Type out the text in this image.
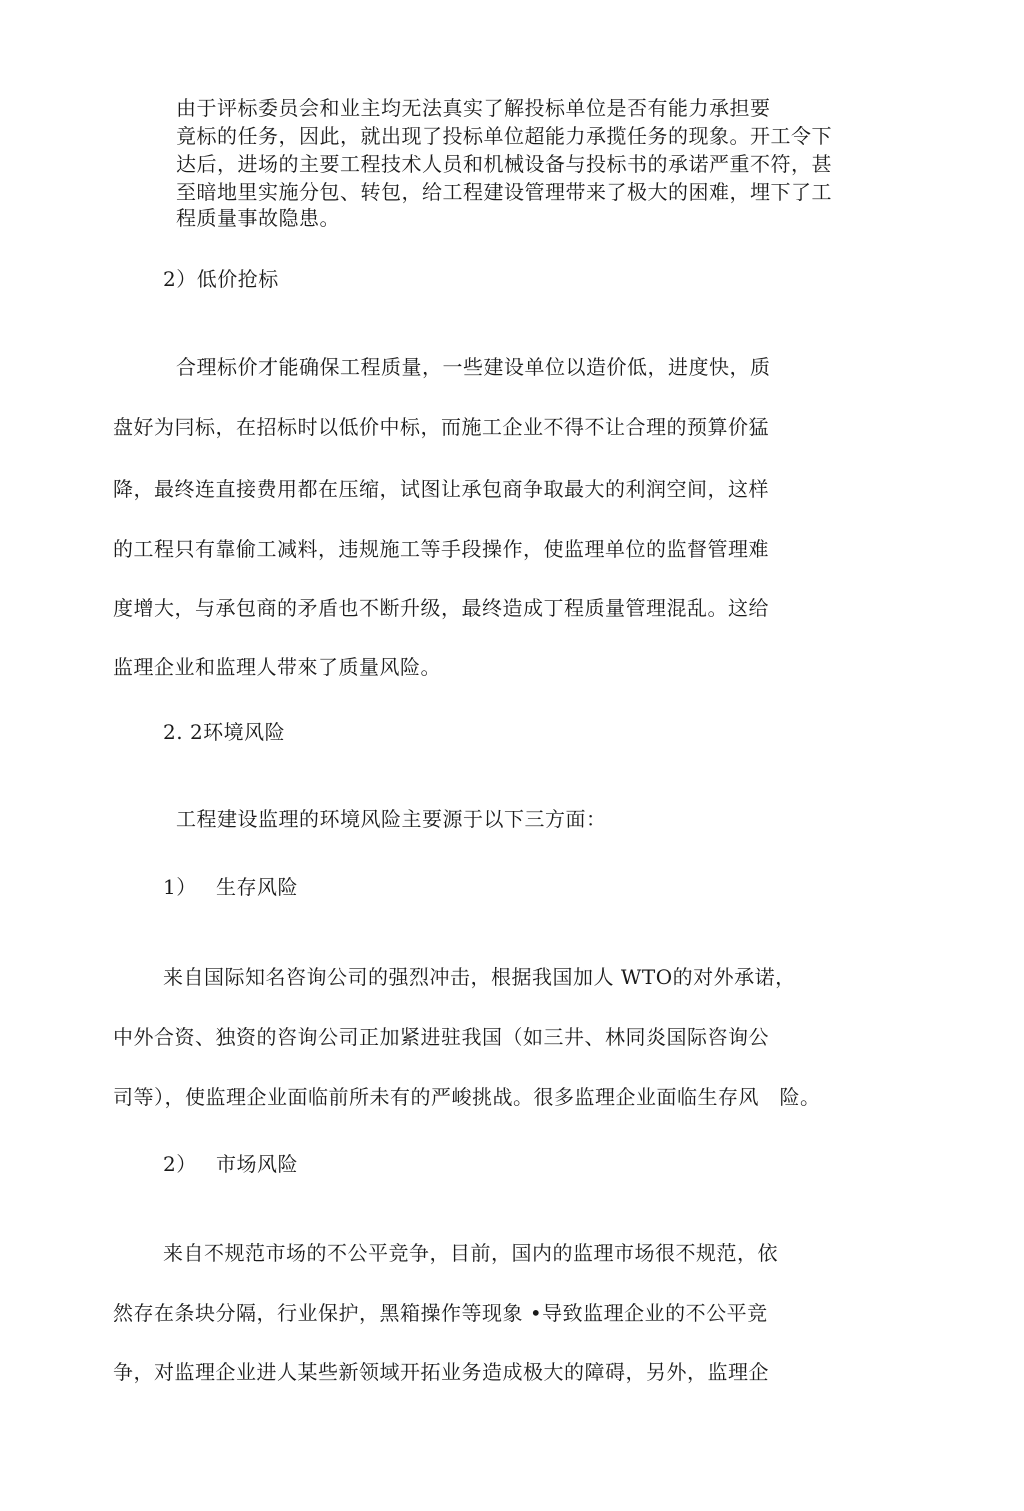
由于评标委员会和业主均无法真实了解投标单位是否有能力承担要
竟标的任务，因此，就出现了投标单位超能力承揽任务的现象。开工令下
达后，进场的主要工程技术人员和机械设备与投标书的承诺严重不符，甚
至暗地里实施分包、转包，给工程建设管理带来了极大的困难，埋下了工
程质量事故隐患。
2）低价抢标
合理标价才能确保工程质量，一些建设单位以造价低，进度快，质
盘好为冃标，在招标时以低价中标，而施工企业不得不让合理的预算价猛
降，最终连直接费用都在压缩，试图让承包商争取最大的利润空间，这样
的工程只有靠偷工减料，违规施工等手段操作，使监理单位的监督管理难
度增大，与承包商的矛盾也不断升级，最终造成丁程质量管理混乱。这给
监理企业和监理人带來了质量风险。
2. 2环境风险
工程建设监理的环境风险主要源于以下三方面：
1） 生存风险
来自国际知名咨询公司的强烈冲击，根据我国加人 WTO的对外承诺，
中外合资、独资的咨询公司正加紧进驻我国（如三井、林同炎国际咨询公
司等），使监理企业面临前所未有的严峻挑战。很多监理企业面临生存风　险。
2） 市场风险
来自不规范市场的不公平竞争，目前，国内的监理市场很不规范，依
然存在条块分隔，行业保护，黑箱操作等现象 •导致监理企业的不公平竞
争，对监理企业进人某些新领域开拓业务造成极大的障碍，另外，监理企
